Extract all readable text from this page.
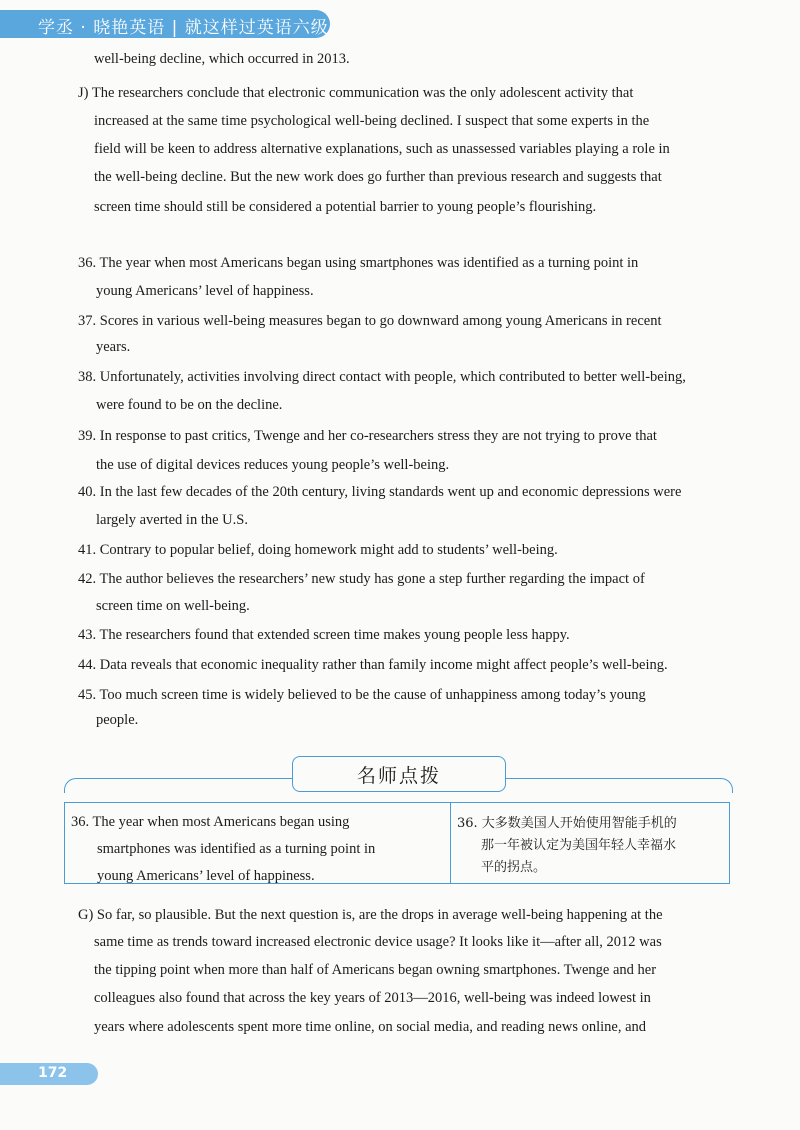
学丞 · 晓艳英语 | 就这样过英语六级
well-being decline, which occurred in 2013.
J) The researchers conclude that electronic communication was the only adolescent activity that
increased at the same time psychological well-being declined. I suspect that some experts in the
field will be keen to address alternative explanations, such as unassessed variables playing a role in
the well-being decline. But the new work does go further than previous research and suggests that
screen time should still be considered a potential barrier to young people’s flourishing.
36. The year when most Americans began using smartphones was identified as a turning point in
young Americans’ level of happiness.
37. Scores in various well-being measures began to go downward among young Americans in recent
years.
38. Unfortunately, activities involving direct contact with people, which contributed to better well-being,
were found to be on the decline.
39. In response to past critics, Twenge and her co-researchers stress they are not trying to prove that
the use of digital devices reduces young people’s well-being.
40. In the last few decades of the 20th century, living standards went up and economic depressions were
largely averted in the U.S.
41. Contrary to popular belief, doing homework might add to students’ well-being.
42. The author believes the researchers’ new study has gone a step further regarding the impact of
screen time on well-being.
43. The researchers found that extended screen time makes young people less happy.
44. Data reveals that economic inequality rather than family income might affect people’s well-being.
45. Too much screen time is widely believed to be the cause of unhappiness among today’s young
people.
名师点拨
36. The year when most Americans began using
smartphones was identified as a turning point in
young Americans’ level of happiness.
36. 大多数美国人开始使用智能手机的
那一年被认定为美国年轻人幸福水
平的拐点。
G) So far, so plausible. But the next question is, are the drops in average well-being happening at the
same time as trends toward increased electronic device usage? It looks like it—after all, 2012 was
the tipping point when more than half of Americans began owning smartphones. Twenge and her
colleagues also found that across the key years of 2013—2016, well-being was indeed lowest in
years where adolescents spent more time online, on social media, and reading news online, and
172
